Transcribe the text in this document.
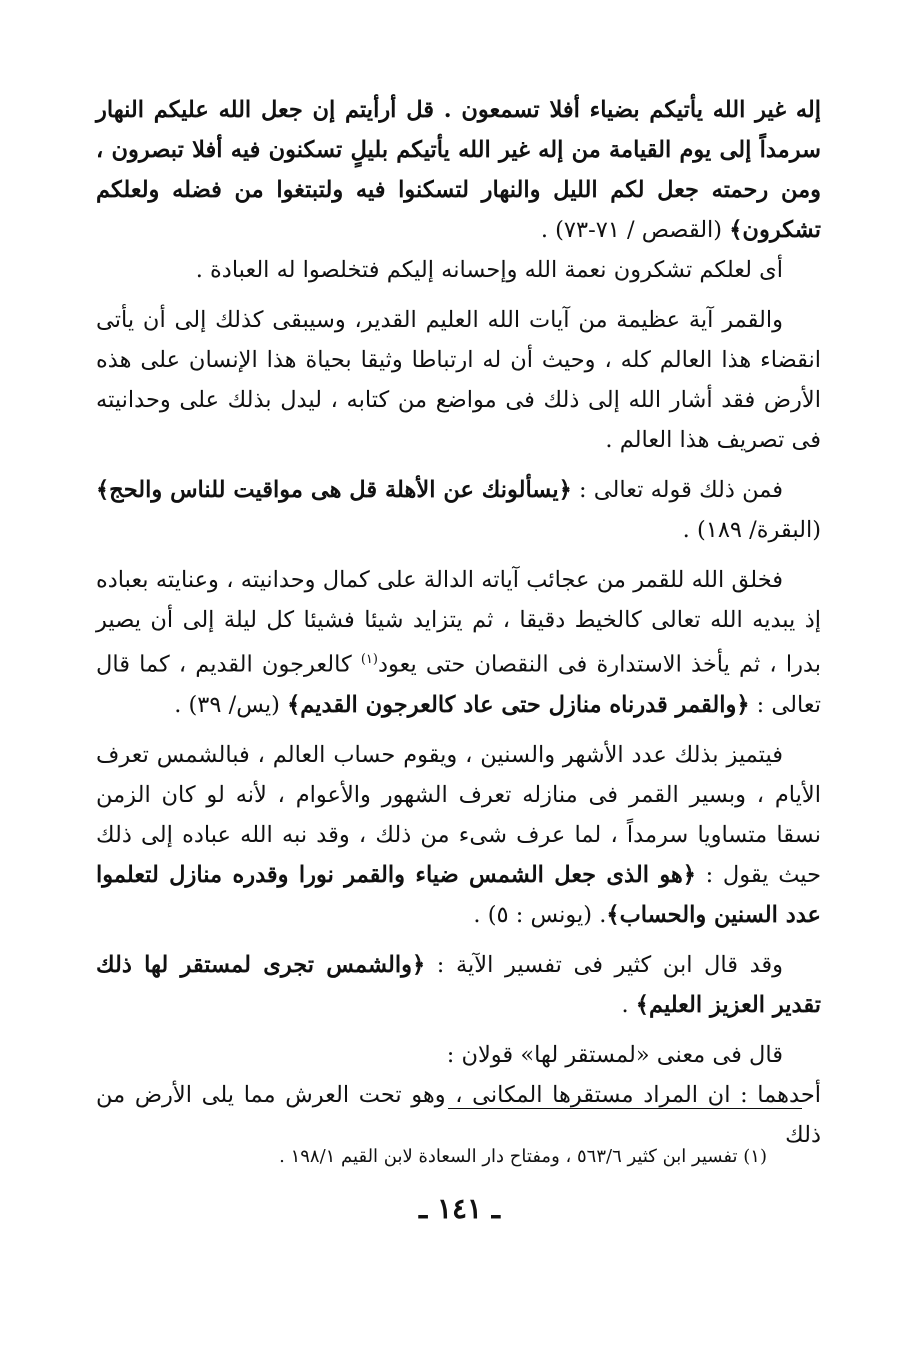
إله غير الله يأتيكم بضياء أفلا تسمعون . قل أرأيتم إن جعل الله عليكم النهار سرمداً إلى يوم القيامة من إله غير الله يأتيكم بليلٍ تسكنون فيه أفلا تبصرون ، ومن رحمته جعل لكم الليل والنهار لتسكنوا فيه ولتبتغوا من فضله ولعلكم تشكرون﴾ (القصص / ٧١-٧٣) .

أى لعلكم تشكرون نعمة الله وإحسانه إليكم فتخلصوا له العبادة .

والقمر آية عظيمة من آيات الله العليم القدير، وسيبقى كذلك إلى أن يأتى انقضاء هذا العالم كله ، وحيث أن له ارتباطا وثيقا بحياة هذا الإنسان على هذه الأرض فقد أشار الله إلى ذلك فى مواضع من كتابه ، ليدل بذلك على وحدانيته فى تصريف هذا العالم .

فمن ذلك قوله تعالى : ﴿يسألونك عن الأهلة قل هى مواقيت للناس والحج﴾ (البقرة/ ١٨٩) .

فخلق الله للقمر من عجائب آياته الدالة على كمال وحدانيته ، وعنايته بعباده إذ يبديه الله تعالى كالخيط دقيقا ، ثم يتزايد شيئا فشيئا كل ليلة إلى أن يصير بدرا ، ثم يأخذ الاستدارة فى النقصان حتى يعود$^{(١)}$ كالعرجون القديم ، كما قال تعالى : ﴿والقمر قدرناه منازل حتى عاد كالعرجون القديم﴾ (يس/ ٣٩) .

فيتميز بذلك عدد الأشهر والسنين ، ويقوم حساب العالم ، فبالشمس تعرف الأيام ، وبسير القمر فى منازله تعرف الشهور والأعوام ، لأنه لو كان الزمن نسقا متساويا سرمداً ، لما عرف شىء من ذلك ، وقد نبه الله عباده إلى ذلك حيث يقول : ﴿هو الذى جعل الشمس ضياء والقمر نورا وقدره منازل لتعلموا عدد السنين والحساب﴾. (يونس : ٥) .

وقد قال ابن كثير فى تفسير الآية : ﴿والشمس تجرى لمستقر لها ذلك تقدير العزيز العليم﴾ .

قال فى معنى «لمستقر لها» قولان :

أحدهما : ان المراد مستقرها المكانى ، وهو تحت العرش مما يلى الأرض من ذلك

(١) تفسير ابن كثير ٥٦٣/٦ ، ومفتاح دار السعادة لابن القيم ١٩٨/١ .
ـ ١٤١ ـ
